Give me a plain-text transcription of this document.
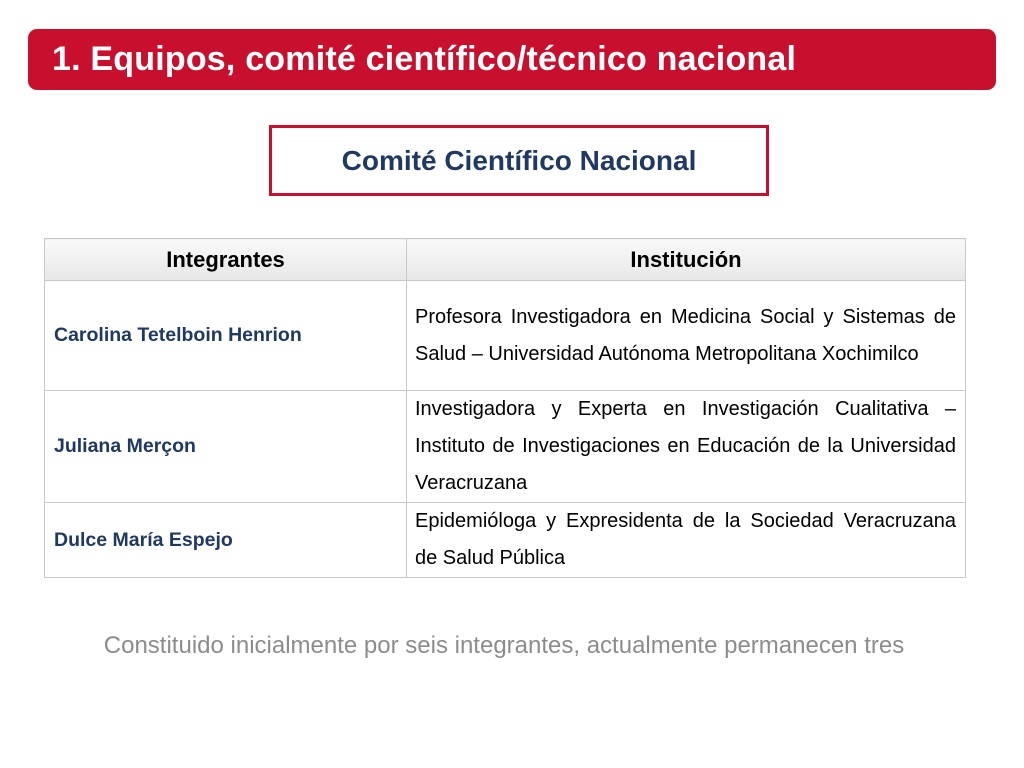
1. Equipos, comité científico/técnico nacional
Comité Científico Nacional
Integrantes	Institución
Carolina Tetelboin Henrion	Profesora Investigadora en Medicina Social y Sistemas de Salud – Universidad Autónoma Metropolitana Xochimilco
Juliana Merçon	Investigadora y Experta en Investigación Cualitativa – Instituto de Investigaciones en Educación de la Universidad Veracruzana
Dulce María Espejo	Epidemióloga y Expresidenta de la Sociedad Veracruzana de Salud Pública
Constituido inicialmente por seis integrantes, actualmente permanecen tres
